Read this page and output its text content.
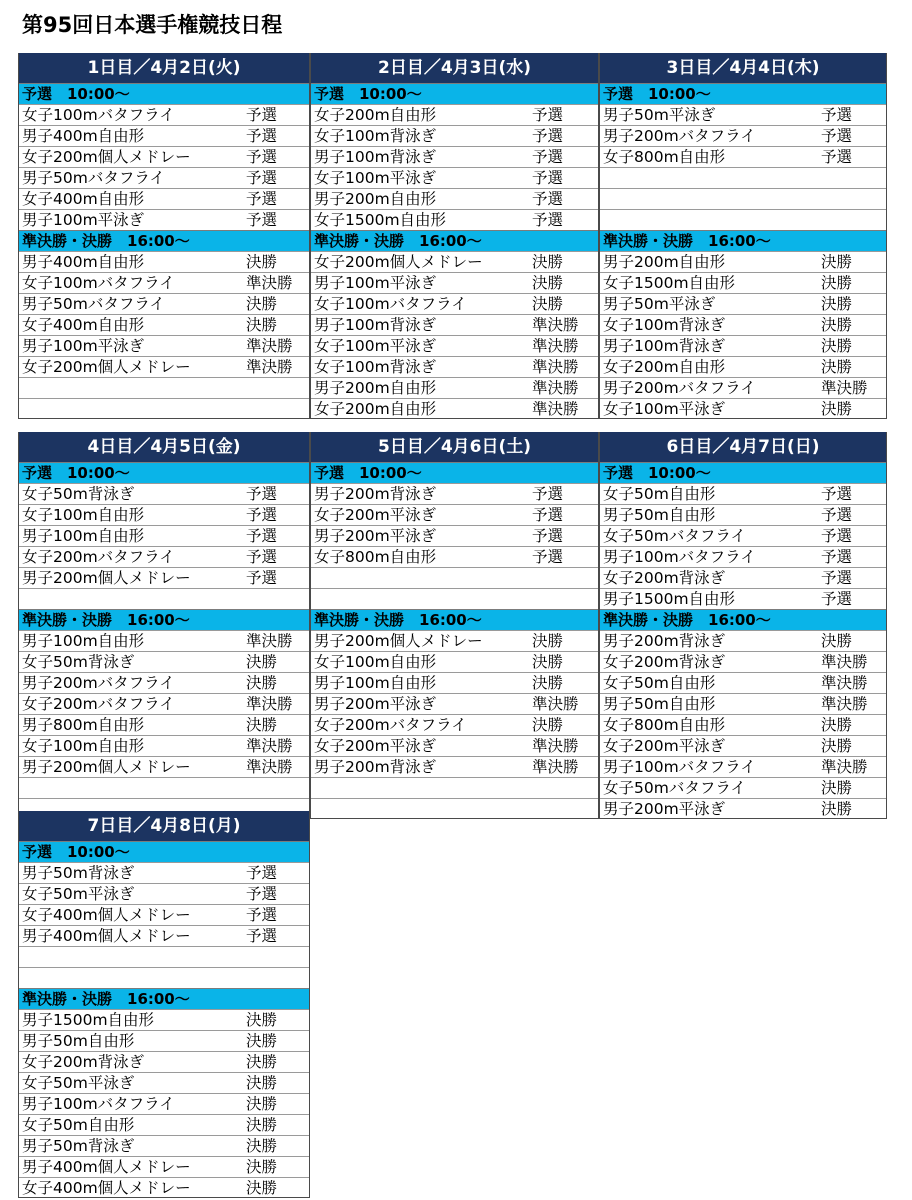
第95回日本選手権競技日程
1日目／4月2日(火)
予選　10:00～
女子100mバタフライ	予選
男子400m自由形	予選
女子200m個人メドレー	予選
男子50mバタフライ	予選
女子400m自由形	予選
男子100m平泳ぎ	予選
準決勝・決勝　16:00～
男子400m自由形	決勝
女子100mバタフライ	準決勝
男子50mバタフライ	決勝
女子400m自由形	決勝
男子100m平泳ぎ	準決勝
女子200m個人メドレー	準決勝
2日目／4月3日(水)
予選　10:00～
女子200m自由形	予選
女子100m背泳ぎ	予選
男子100m背泳ぎ	予選
女子100m平泳ぎ	予選
男子200m自由形	予選
女子1500m自由形	予選
準決勝・決勝　16:00～
女子200m個人メドレー	決勝
男子100m平泳ぎ	決勝
女子100mバタフライ	決勝
男子100m背泳ぎ	準決勝
女子100m平泳ぎ	準決勝
女子100m背泳ぎ	準決勝
男子200m自由形	準決勝
女子200m自由形	準決勝
3日目／4月4日(木)
予選　10:00～
男子50m平泳ぎ	予選
男子200mバタフライ	予選
女子800m自由形	予選
準決勝・決勝　16:00～
男子200m自由形	決勝
女子1500m自由形	決勝
男子50m平泳ぎ	決勝
女子100m背泳ぎ	決勝
男子100m背泳ぎ	決勝
女子200m自由形	決勝
男子200mバタフライ	準決勝
女子100m平泳ぎ	決勝
4日目／4月5日(金)
予選　10:00～
女子50m背泳ぎ	予選
女子100m自由形	予選
男子100m自由形	予選
女子200mバタフライ	予選
男子200m個人メドレー	予選
準決勝・決勝　16:00～
男子100m自由形	準決勝
女子50m背泳ぎ	決勝
男子200mバタフライ	決勝
女子200mバタフライ	準決勝
男子800m自由形	決勝
女子100m自由形	準決勝
男子200m個人メドレー	準決勝
5日目／4月6日(土)
予選　10:00～
男子200m背泳ぎ	予選
女子200m平泳ぎ	予選
男子200m平泳ぎ	予選
女子800m自由形	予選
準決勝・決勝　16:00～
男子200m個人メドレー	決勝
女子100m自由形	決勝
男子100m自由形	決勝
男子200m平泳ぎ	準決勝
女子200mバタフライ	決勝
女子200m平泳ぎ	準決勝
男子200m背泳ぎ	準決勝
6日目／4月7日(日)
予選　10:00～
女子50m自由形	予選
男子50m自由形	予選
女子50mバタフライ	予選
男子100mバタフライ	予選
女子200m背泳ぎ	予選
男子1500m自由形	予選
準決勝・決勝　16:00～
男子200m背泳ぎ	決勝
女子200m背泳ぎ	準決勝
女子50m自由形	準決勝
男子50m自由形	準決勝
女子800m自由形	決勝
女子200m平泳ぎ	決勝
男子100mバタフライ	準決勝
女子50mバタフライ	決勝
男子200m平泳ぎ	決勝
7日目／4月8日(月)
予選　10:00～
男子50m背泳ぎ	予選
女子50m平泳ぎ	予選
女子400m個人メドレー	予選
男子400m個人メドレー	予選
準決勝・決勝　16:00～
男子1500m自由形	決勝
男子50m自由形	決勝
女子200m背泳ぎ	決勝
女子50m平泳ぎ	決勝
男子100mバタフライ	決勝
女子50m自由形	決勝
男子50m背泳ぎ	決勝
男子400m個人メドレー	決勝
女子400m個人メドレー	決勝
